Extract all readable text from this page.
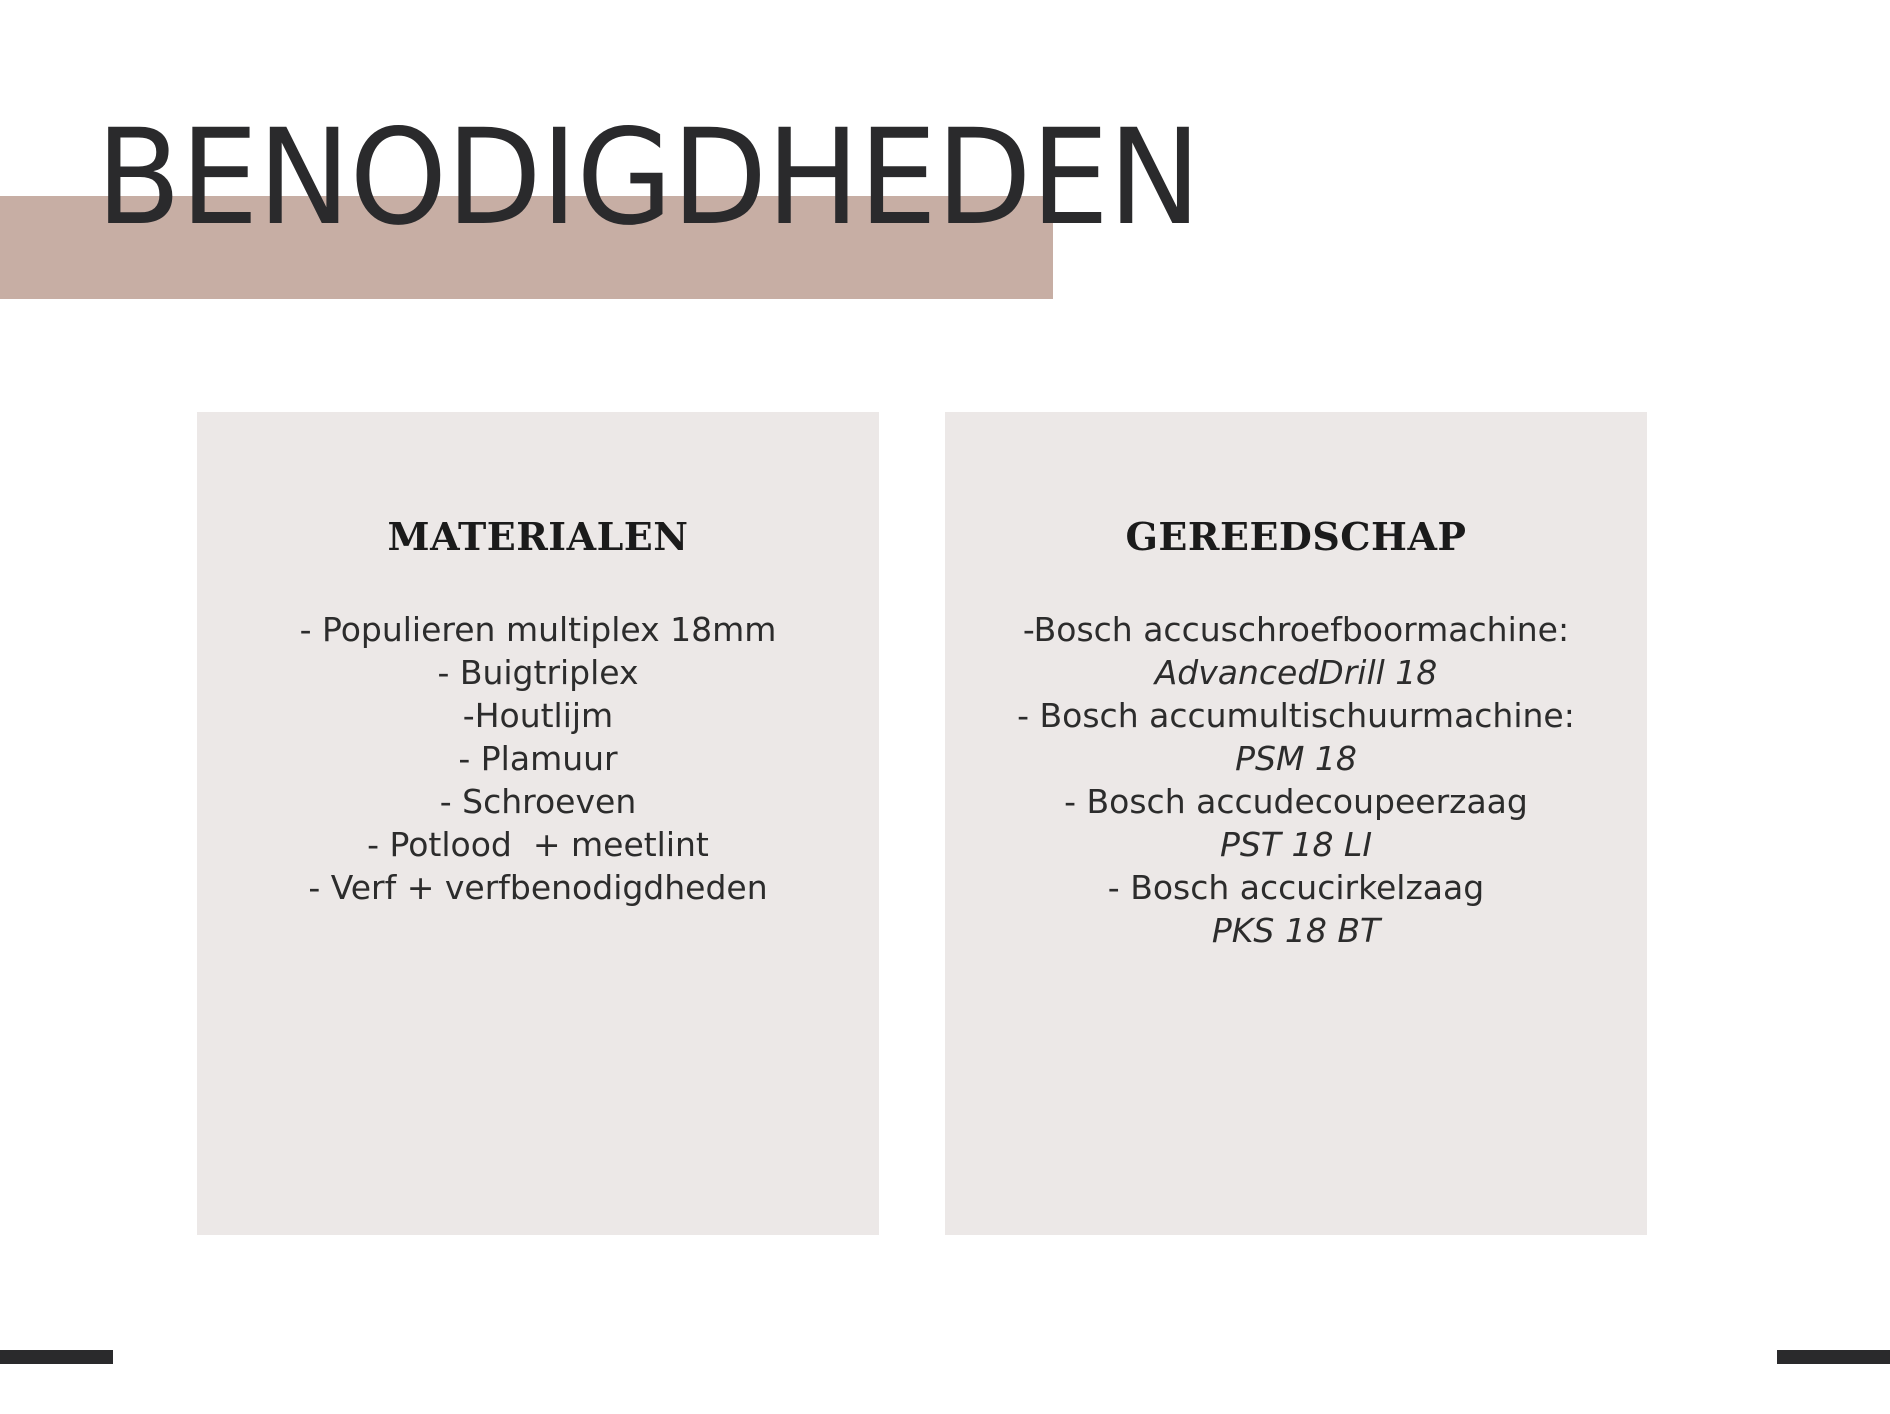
BENODIGDHEDEN
MATERIALEN
- Populieren multiplex 18mm
- Buigtriplex
-Houtlijm
- Plamuur
- Schroeven
- Potlood  + meetlint
- Verf + verfbenodigdheden
GEREEDSCHAP
-Bosch accuschroefboormachine:
AdvancedDrill 18
- Bosch accumultischuurmachine:
PSM 18
- Bosch accudecoupeerzaag
PST 18 LI
- Bosch accucirkelzaag
PKS 18 BT
